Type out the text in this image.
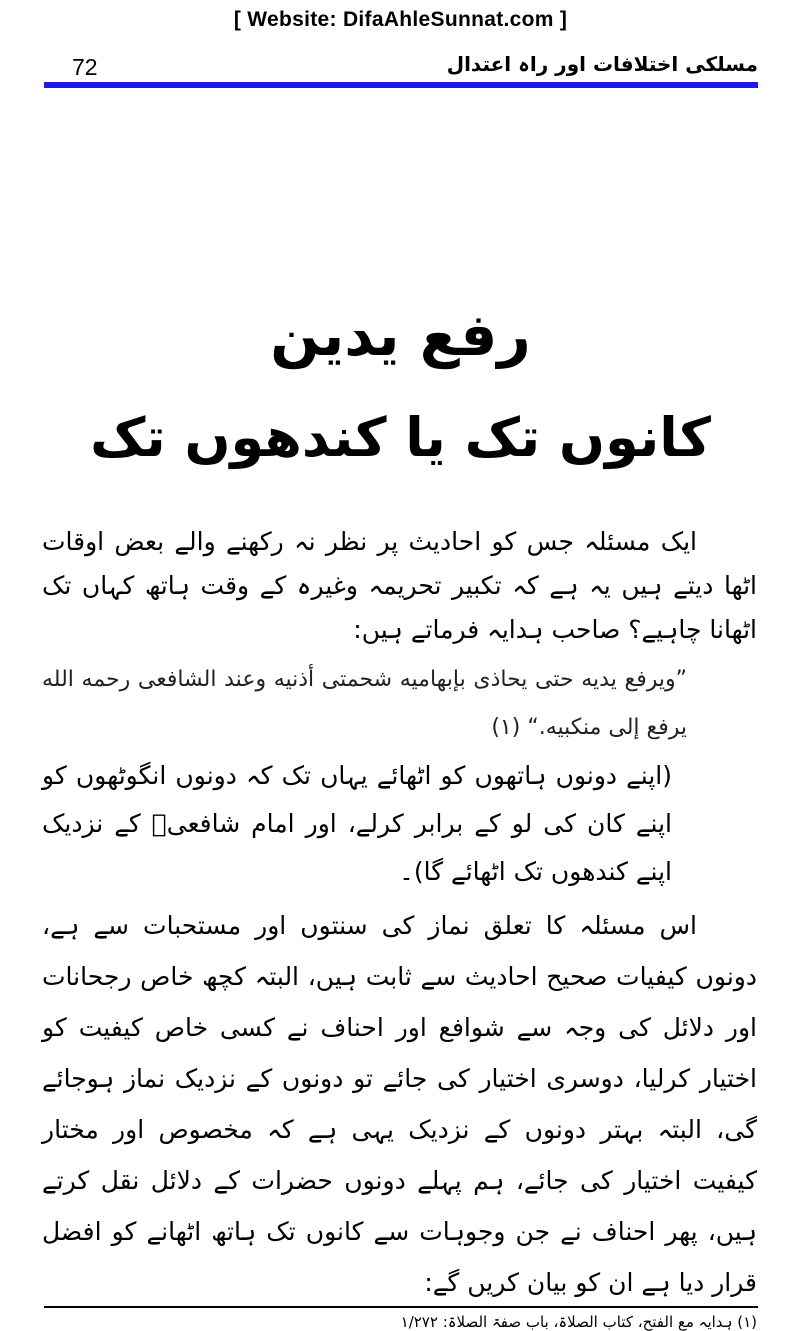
[ Website: DifaAhleSunnat.com ]
72	مسلکی اختلافات اور راہ اعتدال
رفع یدین
کانوں تک یا کندھوں تک

ایک مسئلہ جس کو احادیث پر نظر نہ رکھنے والے بعض اوقات اٹھا دیتے ہیں یہ ہے کہ تکبیر تحریمہ وغیرہ کے وقت ہاتھ کہاں تک اٹھانا چاہیے؟ صاحب ہدایہ فرماتے ہیں:

”ویرفع یدیه حتی یحاذی بإبهامیه شحمتی أذنیه وعند الشافعی رحمه الله یرفع إلی منکبیه.“ (۱)

(اپنے دونوں ہاتھوں کو اٹھائے یہاں تک کہ دونوں انگوٹھوں کو اپنے کان کی لو کے برابر کرلے، اور امام شافعیؒ کے نزدیک اپنے کندھوں تک اٹھائے گا)۔

اس مسئلہ کا تعلق نماز کی سنتوں اور مستحبات سے ہے، دونوں کیفیات صحیح احادیث سے ثابت ہیں، البتہ کچھ خاص رجحانات اور دلائل کی وجہ سے شوافع اور احناف نے کسی خاص کیفیت کو اختیار کرلیا، دوسری اختیار کی جائے تو دونوں کے نزدیک نماز ہوجائے گی، البتہ بہتر دونوں کے نزدیک یہی ہے کہ مخصوص اور مختار کیفیت اختیار کی جائے، ہم پہلے دونوں حضرات کے دلائل نقل کرتے ہیں، پھر احناف نے جن وجوہات سے کانوں تک ہاتھ اٹھانے کو افضل قرار دیا ہے ان کو بیان کریں گے:

(۱) ہدایہ مع الفتح، کتاب الصلاۃ، باب صفۃ الصلاۃ: ۱/۲۷۲
